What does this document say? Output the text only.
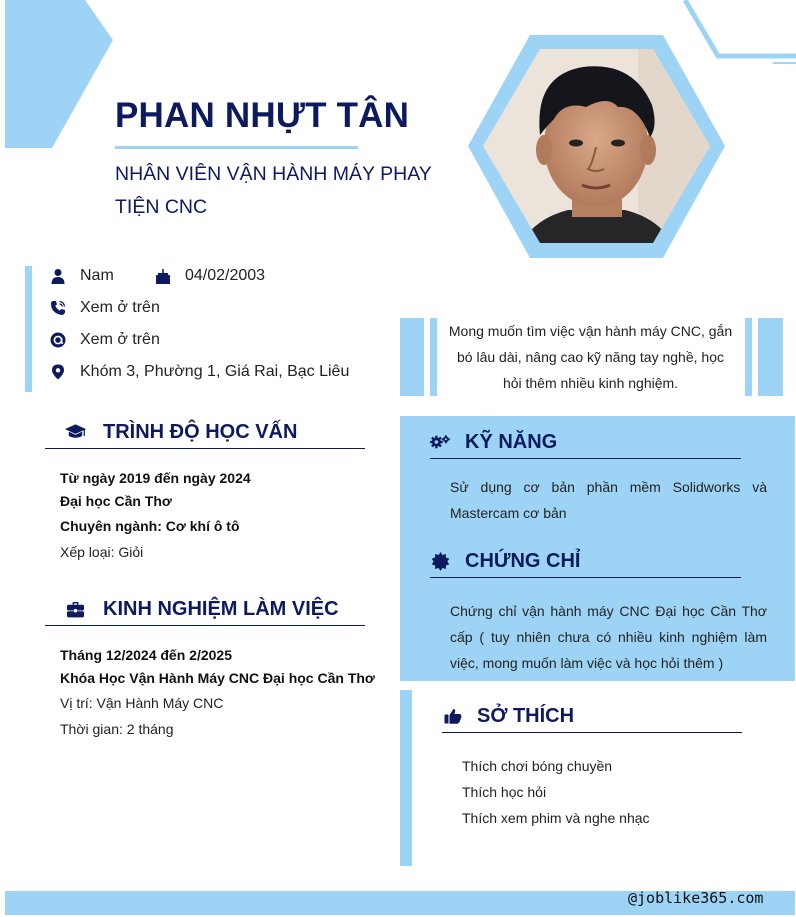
PHAN NHỰT TÂN
NHÂN VIÊN VẬN HÀNH MÁY PHAY TIỆN CNC
Nam	04/02/2003
Xem ở trên
Xem ở trên
Khóm 3, Phường 1, Giá Rai, Bạc Liêu
Mong muốn tìm việc vận hành máy CNC, gắn bó lâu dài, nâng cao kỹ năng tay nghề, học hỏi thêm nhiều kinh nghiệm.
TRÌNH ĐỘ HỌC VẤN
Từ ngày 2019 đến ngày 2024
Đại học Cần Thơ
Chuyên ngành: Cơ khí ô tô
Xếp loại: Giỏi
KINH NGHIỆM LÀM VIỆC
Tháng 12/2024 đến 2/2025
Khóa Học Vận Hành Máy CNC Đại học Cần Thơ
Vị trí: Vận Hành Máy CNC
Thời gian: 2 tháng
KỸ NĂNG
Sử dụng cơ bản phần mềm Solidworks và Mastercam cơ bản
CHỨNG CHỈ
Chứng chỉ vận hành máy CNC Đại học Cần Thơ cấp ( tuy nhiên chưa có nhiều kinh nghiệm làm việc, mong muốn làm việc và học hỏi thêm )
SỞ THÍCH
Thích chơi bóng chuyền
Thích học hỏi
Thích xem phim và nghe nhạc
@joblike365.com
